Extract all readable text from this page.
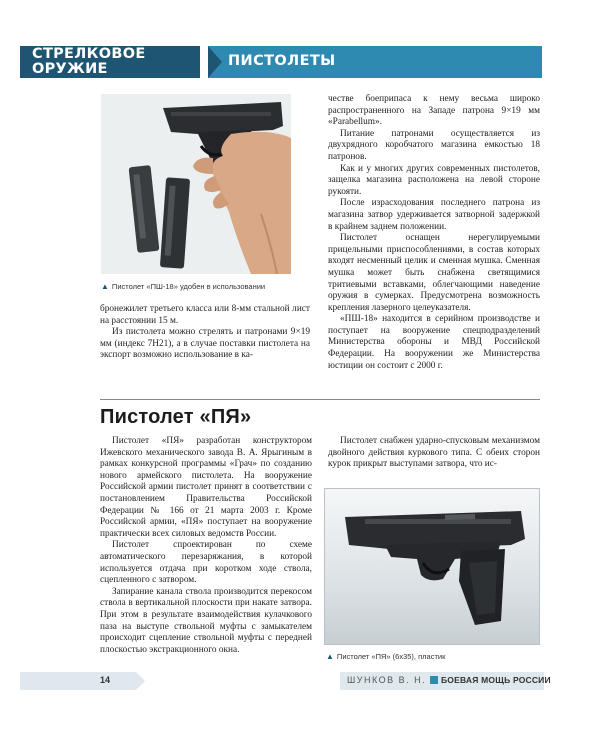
СТРЕЛКОВОЕ
ОРУЖИЕ	ПИСТОЛЕТЫ
▲ Пистолет «ПШ-18» удобен в использовании

бронежилет третьего класса или 8-мм стальной лист на расстоянии 15 м.

Из пистолета можно стрелять и патронами 9×19 мм (индекс 7Н21), а в случае поставки пистолета на экспорт возможно использование в ка-

честве боеприпаса к нему весьма широко распространенного на Западе патрона 9×19 мм «Parabellum».

Питание патронами осуществляется из двухрядного коробчатого магазина емкостью 18 патронов.

Как и у многих других современных пистолетов, защелка магазина расположена на левой стороне рукояти.

После израсходования последнего патрона из магазина затвор удерживается затворной задержкой в крайнем заднем положении.

Пистолет оснащен нерегулируемыми прицельными приспособлениями, в состав которых входят несменный целик и сменная мушка. Сменная мушка может быть снабжена светящимися тритиевыми вставками, облегчающими наведение оружия в сумерках. Предусмотрена возможность крепления лазерного целеуказателя.

«ПШ-18» находится в серийном производстве и поступает на вооружение спецподразделений Министерства обороны и МВД Российской Федерации. На вооружении же Министерства юстиции он состоит с 2000 г.

Пистолет «ПЯ»

Пистолет «ПЯ» разработан конструктором Ижевского механического завода В. А. Ярыгиным в рамках конкурсной программы «Грач» по созданию нового армейского пистолета. На вооружение Российской армии пистолет принят в соответствии с постановлением Правительства Российской Федерации № 166 от 21 марта 2003 г. Кроме Российской армии, «ПЯ» поступает на вооружение практически всех силовых ведомств России.

Пистолет спроектирован по схеме автоматического перезаряжания, в которой используется отдача при коротком ходе ствола, сцепленного с затвором.

Запирание канала ствола производится перекосом ствола в вертикальной плоскости при накате затвора. При этом в результате взаимодействия кулачкового паза на выступе ствольной муфты с замыкателем происходит сцепление ствольной муфты с передней плоскостью экстракционного окна.

Пистолет снабжен ударно-спусковым механизмом двойного действия куркового типа. С обеих сторон курок прикрыт выступами затвора, что ис-

▲ Пистолет «ПЯ» (6х35), пластик
14	ШУНКОВ В. Н. БОЕВАЯ МОЩЬ РОССИИ
